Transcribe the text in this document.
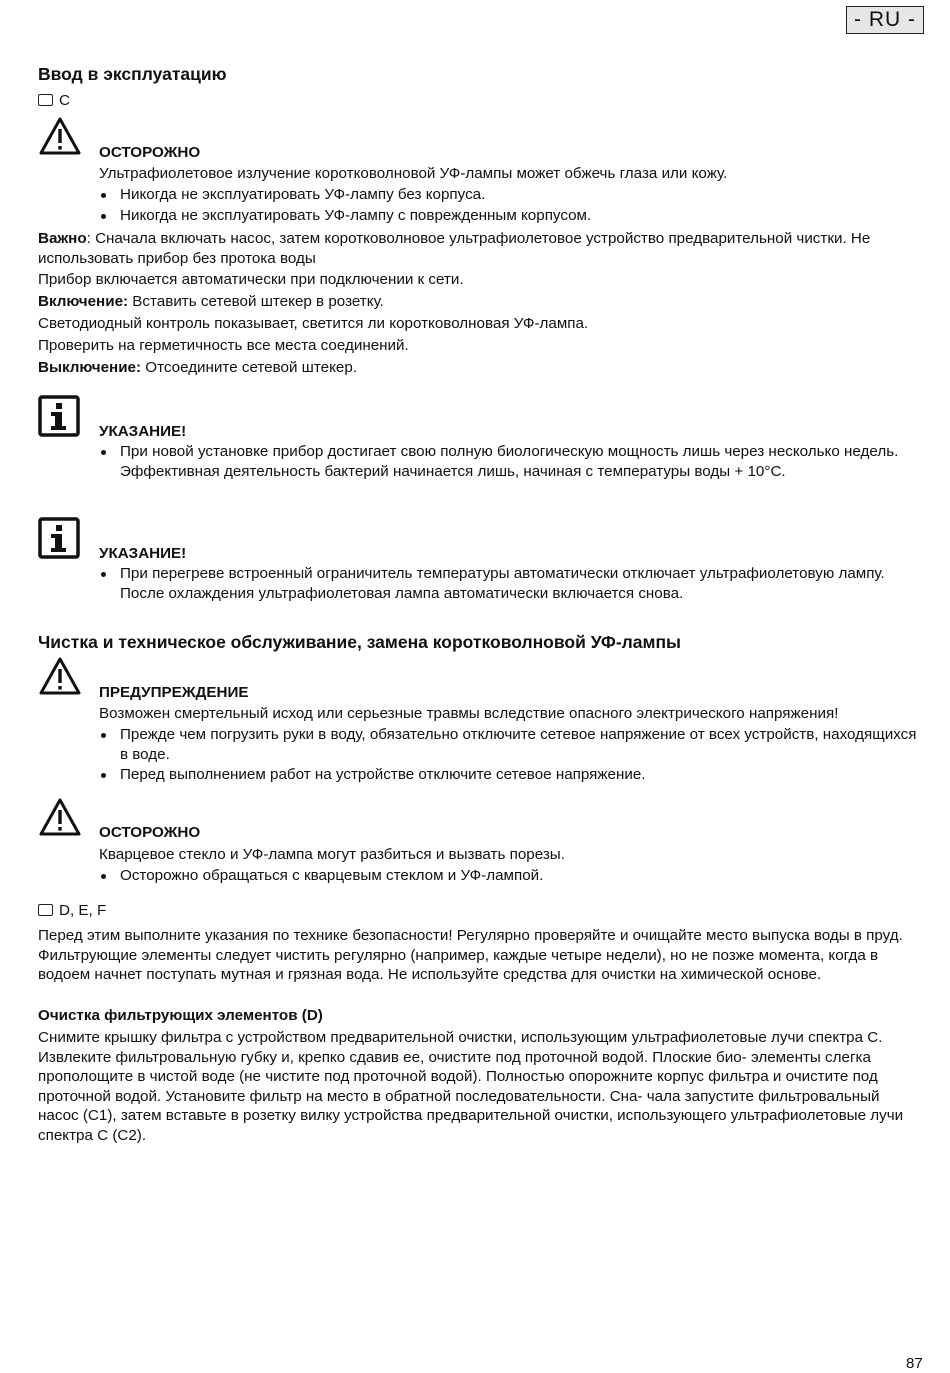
- RU -
Ввод в эксплуатацию
C
ОСТОРОЖНО

Ультрафиолетовое излучение коротковолновой УФ-лампы может обжечь глаза или кожу.

Никогда не эксплуатировать УФ-лампу без корпуса.
Никогда не эксплуатировать УФ-лампу с поврежденным корпусом.

Важно: Сначала включать насос, затем коротковолновое ультрафиолетовое устройство предварительной чистки. Не использовать прибор без протока воды

Прибор включается автоматически при подключении к сети.

Включение: Вставить сетевой штекер в розетку.

Светодиодный контроль показывает, светится ли коротковолновая УФ-лампа.

Проверить на герметичность все места соединений.

Выключение: Отсоедините сетевой штекер.

УКАЗАНИЕ!
При новой установке прибор достигает свою полную биологическую мощность лишь через несколько недель. Эффективная деятельность бактерий начинается лишь, начиная с температуры воды + 10°C.
УКАЗАНИЕ!
При перегреве встроенный ограничитель температуры автоматически отключает ультрафиолетовую лампу. После охлаждения ультрафиолетовая лампа автоматически включается снова.
Чистка и техническое обслуживание, замена коротковолновой УФ-лампы
ПРЕДУПРЕЖДЕНИЕ

Возможен смертельный исход или серьезные травмы вследствие опасного электрического напряжения!

Прежде чем погрузить руки в воду, обязательно отключите сетевое напряжение от всех устройств, находящихся в воде.
Перед выполнением работ на устройстве отключите сетевое напряжение.
ОСТОРОЖНО

Кварцевое стекло и УФ-лампа могут разбиться и вызвать порезы.

Осторожно обращаться с кварцевым стеклом и УФ-лампой.
D, E, F

Перед этим выполните указания по технике безопасности! Регулярно проверяйте и очищайте место выпуска воды в пруд. Фильтрующие элементы следует чистить регулярно (например, каждые четыре недели), но не позже момента, когда в водоем начнет поступать мутная и грязная вода. Не используйте средства для очистки на химической основе.

Очистка фильтрующих элементов (D)

Снимите крышку фильтра с устройством предварительной очистки, использующим ультрафиолетовые лучи спектра С. Извлеките фильтровальную губку и, крепко сдавив ее, очистите под проточной водой. Плоские био- элементы слегка прополощите в чистой воде (не чистите под проточной водой). Полностью опорожните корпус фильтра и очистите под проточной водой. Установите фильтр на место в обратной последовательности. Сна- чала запустите фильтровальный насос (C1), затем вставьте в розетку вилку устройства предварительной очистки, использующего ультрафиолетовые лучи спектра С (C2).

87
